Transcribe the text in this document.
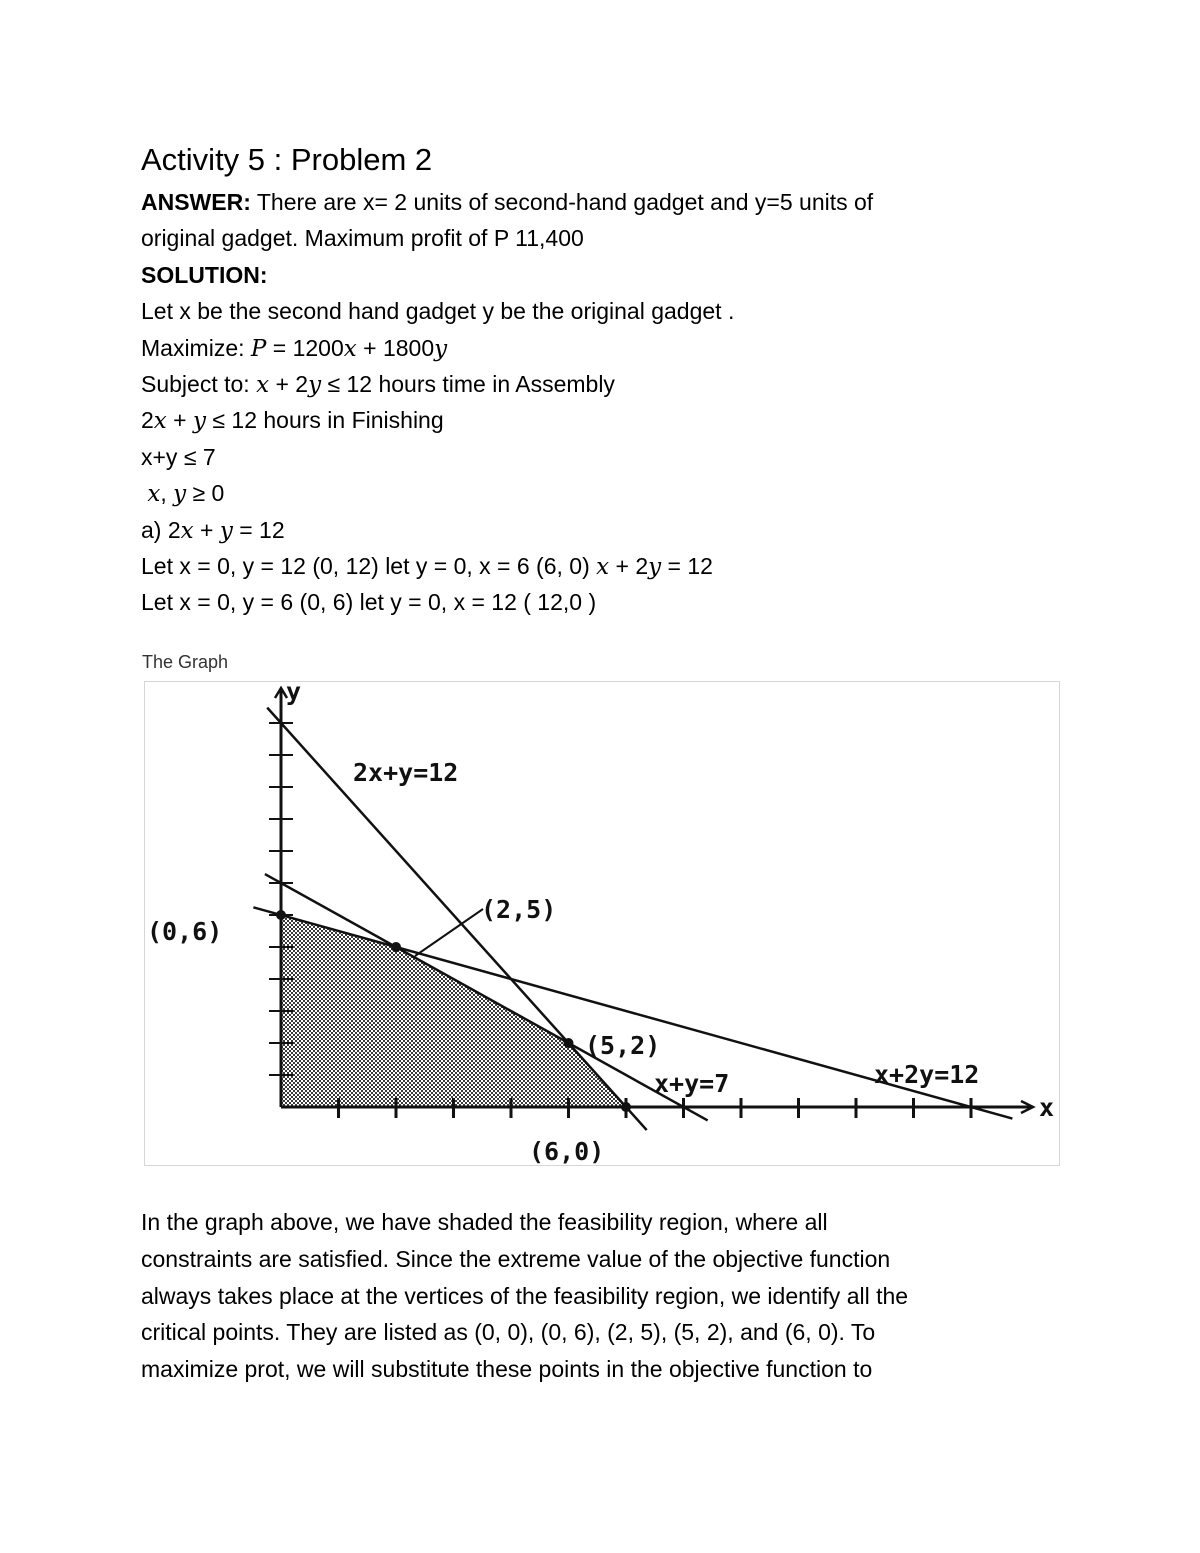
Activity 5 : Problem 2
ANSWER: There are x= 2 units of second-hand gadget and y=5 units of
original gadget. Maximum profit of P 11,400
SOLUTION:
Let x be the second hand gadget y be the original gadget .
Maximize: P = 1200x + 1800y
Subject to: x + 2y ≤ 12 hours time in Assembly
2x + y ≤ 12 hours in Finishing
x+y ≤ 7
x, y ≥ 0
a) 2x + y = 12
Let x = 0, y = 12 (0, 12) let y = 0, x = 6 (6, 0) x + 2y = 12
Let x = 0, y = 6 (0, 6) let y = 0, x = 12 ( 12,0 )
The Graph
y
x
2x+y=12
x+y=7	x+2y=12
(0,6)
(2,5)
(5,2)
(6,0)
In the graph above, we have shaded the feasibility region, where all
constraints are satisfied. Since the extreme value of the objective function
always takes place at the vertices of the feasibility region, we identify all the
critical points. They are listed as (0, 0), (0, 6), (2, 5), (5, 2), and (6, 0). To
maximize prot, we will substitute these points in the objective function to
